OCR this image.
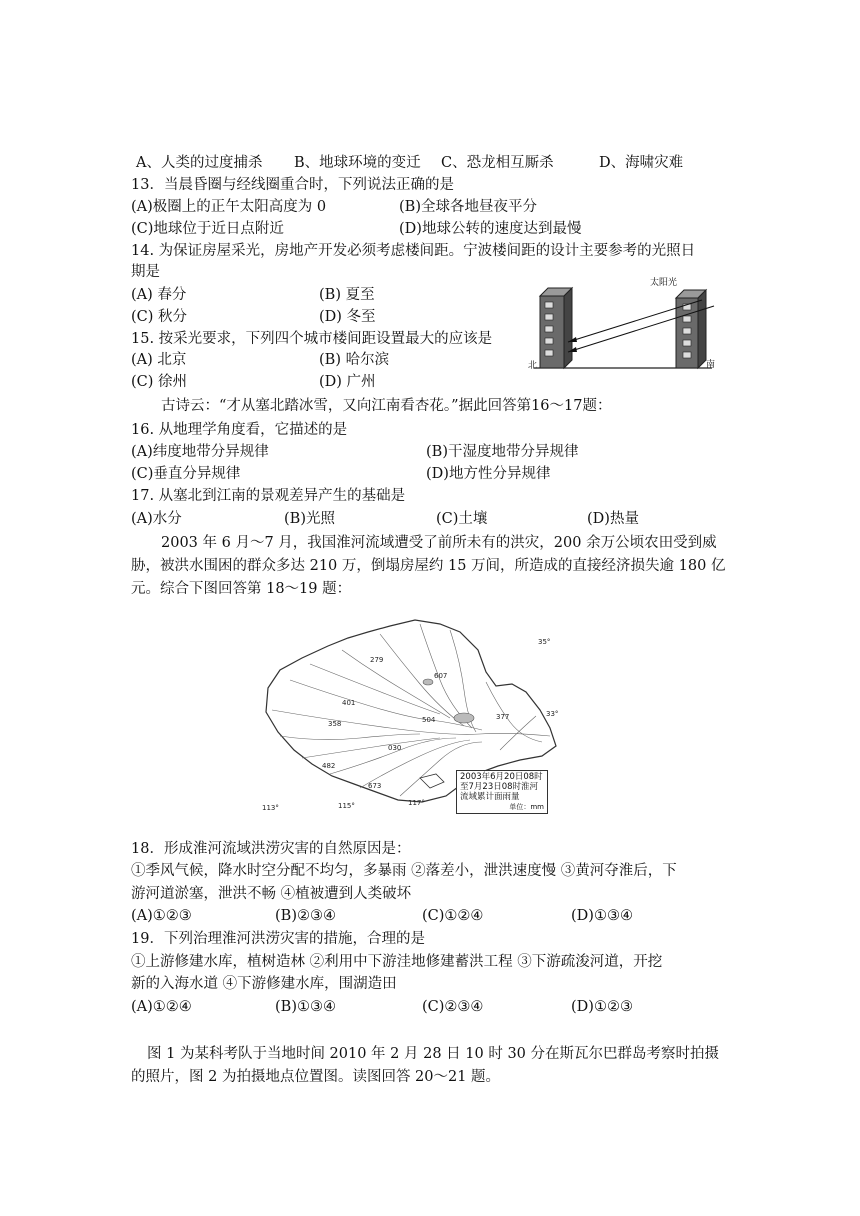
A、人类的过度捕杀 B、地球环境的变迁 C、恐龙相互厮杀	D、海啸灾难
13．当晨昏圈与经线圈重合时，下列说法正确的是
(A)极圈上的正午太阳高度为 0	(B)全球各地昼夜平分
(C)地球位于近日点附近	(D)地球公转的速度达到最慢
14. 为保证房屋采光，房地产开发必须考虑楼间距。宁波楼间距的设计主要参考的光照日
期是
(A) 春分	(B) 夏至
(C) 秋分	(D) 冬至
15. 按采光要求，下列四个城市楼间距设置最大的应该是
(A) 北京	(B) 哈尔滨
(C) 徐州	(D) 广州
太阳光
北	南
古诗云：“才从塞北踏冰雪，又向江南看杏花。”据此回答第16～17题：
16. 从地理学角度看，它描述的是
(A)纬度地带分异规律	(B)干湿度地带分异规律
(C)垂直分异规律	(D)地方性分异规律
17. 从塞北到江南的景观差异产生的基础是
(A)水分	(B)光照	(C)土壤	(D)热量
2003 年 6 月～7 月，我国淮河流域遭受了前所未有的洪灾，200 余万公顷农田受到威胁，被洪水围困的群众多达 210 万，倒塌房屋约 15 万间，所造成的直接经济损失逾 180 亿元。综合下图回答第 18～19 题：
279
401
607
358	504	377
030
482
673
35°
33°
113°	115°	117°
2003年6月20日08时
至7月23日08时淮河
流域累计面雨量
单位：mm
18．形成淮河流域洪涝灾害的自然原因是：
①季风气候，降水时空分配不均匀，多暴雨 ②落差小，泄洪速度慢 ③黄河夺淮后，下
游河道淤塞，泄洪不畅 ④植被遭到人类破坏
(A)①②③	(B)②③④	(C)①②④	(D)①③④
19．下列治理淮河洪涝灾害的措施，合理的是
①上游修建水库，植树造林 ②利用中下游洼地修建蓄洪工程 ③下游疏浚河道，开挖
新的入海水道 ④下游修建水库，围湖造田
(A)①②④	(B)①③④	(C)②③④	(D)①②③
图 1 为某科考队于当地时间 2010 年 2 月 28 日 10 时 30 分在斯瓦尔巴群岛考察时拍摄的照片，图 2 为拍摄地点位置图。读图回答 20～21 题。
